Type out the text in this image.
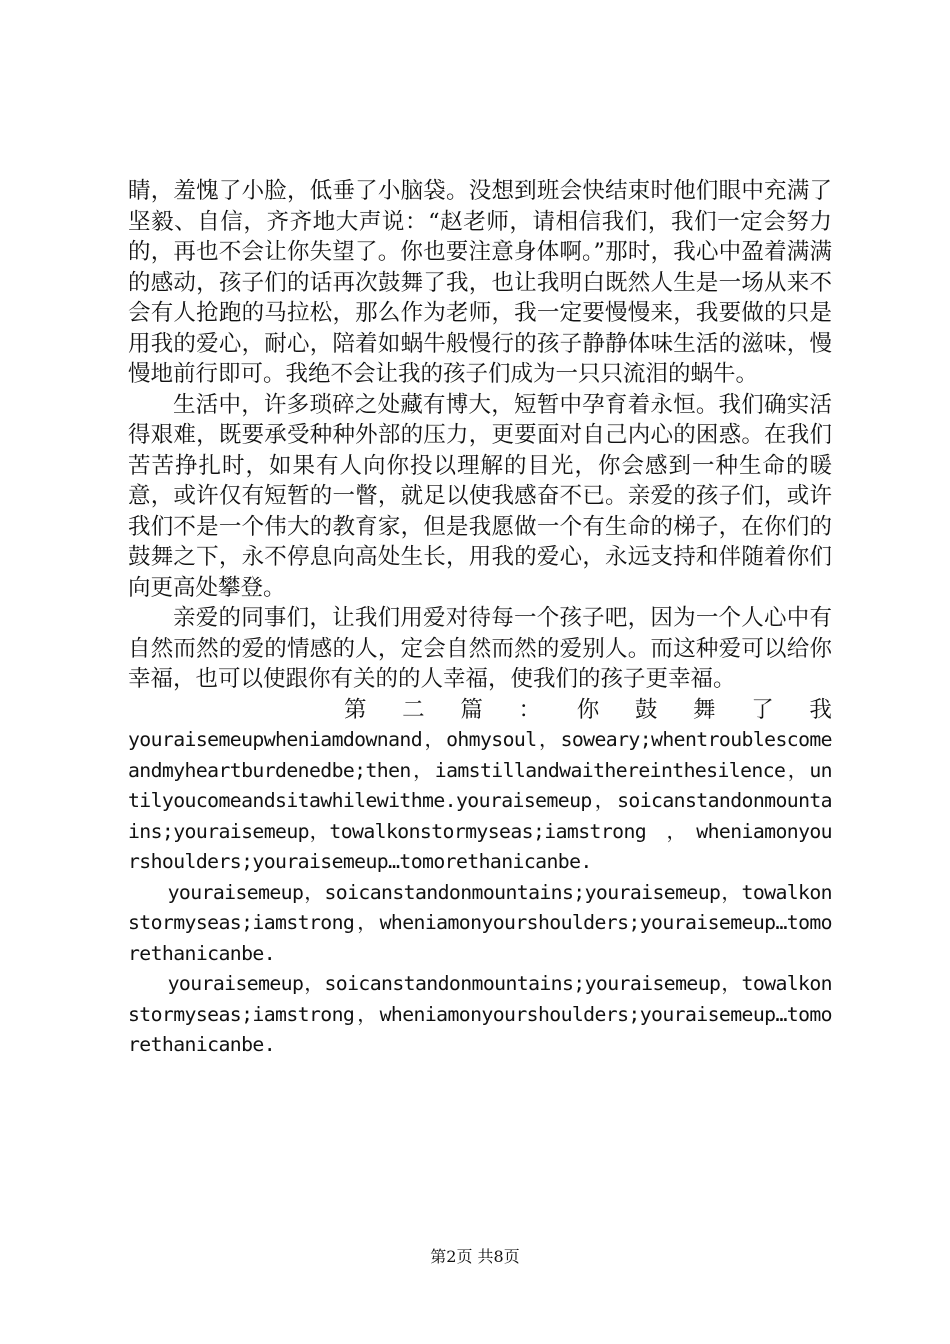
睛，羞愧了小脸，低垂了小脑袋。没想到班会快结束时他们眼中充满了坚毅、自信，齐齐地大声说：“赵老师，请相信我们，我们一定会努力的，再也不会让你失望了。你也要注意身体啊。”那时，我心中盈着满满的感动，孩子们的话再次鼓舞了我，也让我明白既然人生是一场从来不会有人抢跑的马拉松，那么作为老师，我一定要慢慢来，我要做的只是用我的爱心，耐心，陪着如蜗牛般慢行的孩子静静体味生活的滋味，慢慢地前行即可。我绝不会让我的孩子们成为一只只流泪的蜗牛。

生活中，许多琐碎之处藏有博大，短暂中孕育着永恒。我们确实活得艰难，既要承受种种外部的压力，更要面对自己内心的困惑。在我们苦苦挣扎时，如果有人向你投以理解的目光，你会感到一种生命的暖意，或许仅有短暂的一瞥，就足以使我感奋不已。亲爱的孩子们，或许我们不是一个伟大的教育家，但是我愿做一个有生命的梯子，在你们的鼓舞之下，永不停息向高处生长，用我的爱心，永远支持和伴随着你们向更高处攀登。

亲爱的同事们，让我们用爱对待每一个孩子吧，因为一个人心中有自然而然的爱的情感的人，定会自然而然的爱别人。而这种爱可以给你幸福，也可以使跟你有关的的人幸福，使我们的孩子更幸福。

第 二 篇 ： 你 鼓 舞 了 我

youraisemeupwheniamdownand，ohmysoul，soweary;whentroublescomeandmyheartburdenedbe;then，iamstillandwaithereinthesilence，untilyoucomeandsitawhilewithme.youraisemeup，soicanstandonmountains;youraisemeup，towalkonstormyseas;iamstrong　，　wheniamonyourshoulders;youraisemeup…tomorethanicanbe.

youraisemeup，soicanstandonmountains;youraisemeup，towalkonstormyseas;iamstrong，wheniamonyourshoulders;youraisemeup…tomorethanicanbe.

youraisemeup，soicanstandonmountains;youraisemeup，towalkonstormyseas;iamstrong，wheniamonyourshoulders;youraisemeup…tomorethanicanbe.

第2页 共8页
